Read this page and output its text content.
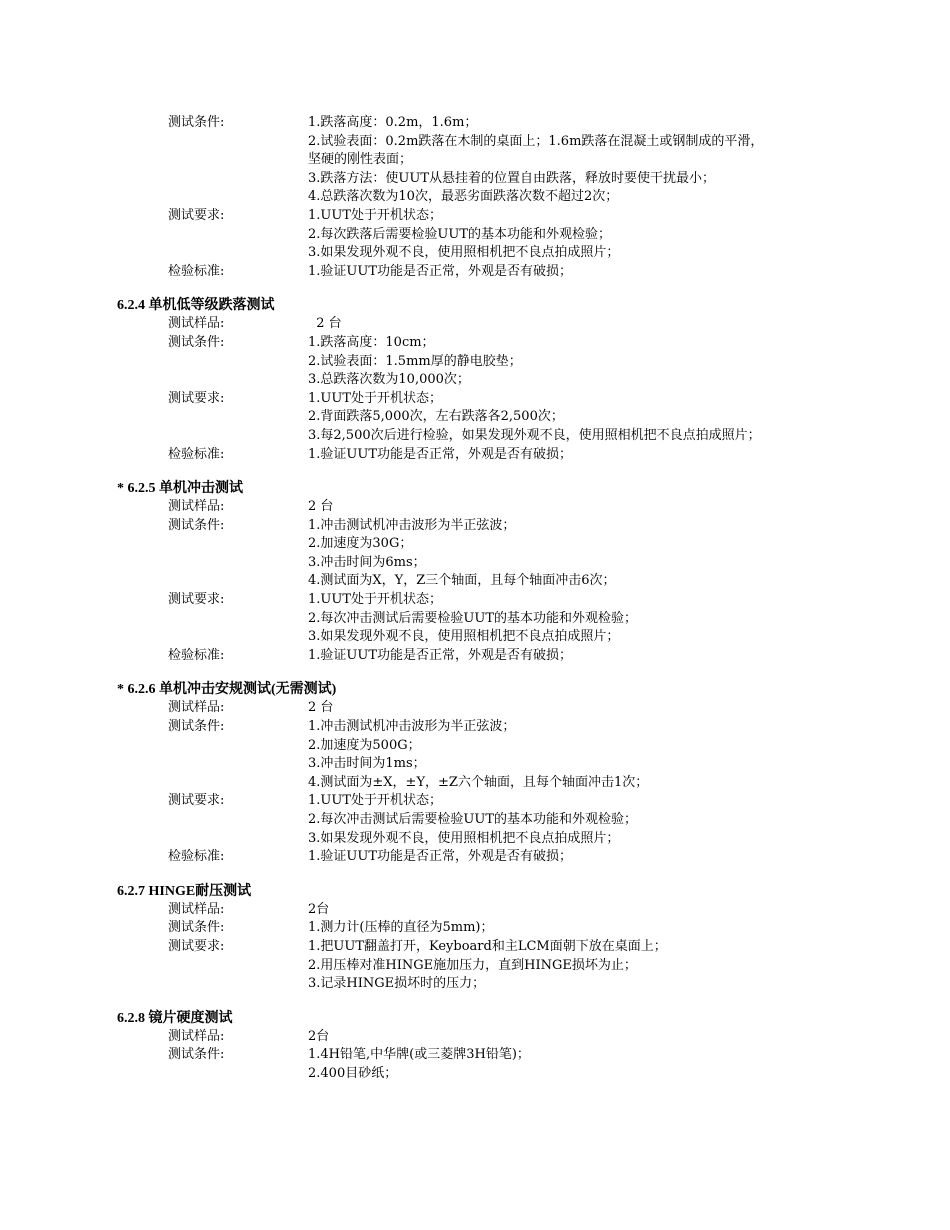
测试条件:	1.跌落高度：0.2m，1.6m；
2.试验表面：0.2m跌落在木制的桌面上；1.6m跌落在混凝土或钢制成的平滑，
坚硬的刚性表面；
3.跌落方法：使UUT从悬挂着的位置自由跌落，释放时要使干扰最小；
4.总跌落次数为10次，最恶劣面跌落次数不超过2次；
测试要求:	1.UUT处于开机状态；
2.每次跌落后需要检验UUT的基本功能和外观检验；
3.如果发现外观不良，使用照相机把不良点拍成照片；
检验标准:	1.验证UUT功能是否正常，外观是否有破损；
6.2.4 单机低等级跌落测试
测试样品:	2 台
测试条件:	1.跌落高度：10cm；
2.试验表面：1.5mm厚的静电胶垫；
3.总跌落次数为10,000次；
测试要求:	1.UUT处于开机状态；
2.背面跌落5,000次，左右跌落各2,500次；
3.每2,500次后进行检验，如果发现外观不良，使用照相机把不良点拍成照片；
检验标准:	1.验证UUT功能是否正常，外观是否有破损；
* 6.2.5 单机冲击测试
测试样品:	2 台
测试条件:	1.冲击测试机冲击波形为半正弦波；
2.加速度为30G；
3.冲击时间为6ms；
4.测试面为X，Y，Z三个轴面，且每个轴面冲击6次；
测试要求:	1.UUT处于开机状态；
2.每次冲击测试后需要检验UUT的基本功能和外观检验；
3.如果发现外观不良，使用照相机把不良点拍成照片；
检验标准:	1.验证UUT功能是否正常，外观是否有破损；
* 6.2.6 单机冲击安规测试(无需测试)
测试样品:	2 台
测试条件:	1.冲击测试机冲击波形为半正弦波；
2.加速度为500G；
3.冲击时间为1ms；
4.测试面为±X，±Y，±Z六个轴面，且每个轴面冲击1次；
测试要求:	1.UUT处于开机状态；
2.每次冲击测试后需要检验UUT的基本功能和外观检验；
3.如果发现外观不良，使用照相机把不良点拍成照片；
检验标准:	1.验证UUT功能是否正常，外观是否有破损；
6.2.7 HINGE耐压测试
测试样品:	2台
测试条件:	1.测力计(压棒的直径为5mm)；
测试要求:	1.把UUT翻盖打开，Keyboard和主LCM面朝下放在桌面上；
2.用压棒对准HINGE施加压力，直到HINGE损坏为止；
3.记录HINGE损坏时的压力；
6.2.8 镜片硬度测试
测试样品:	2台
测试条件:	1.4H铅笔,中华牌(或三菱牌3H铅笔)；
2.400目砂纸；
